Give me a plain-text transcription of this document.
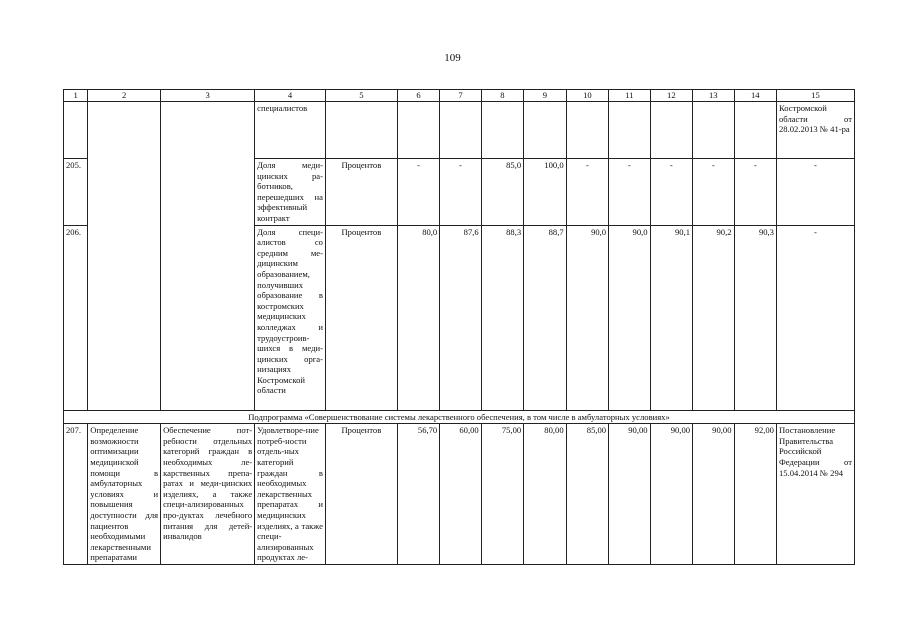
109
1	2	3	4	5	6	7	8	9	10	11	12	13	14	15
			специалистов											Костромской области от 28.02.2013 № 41-ра
205.			Доля меди-цинских ра-ботников, перешедших на эффективный контракт	Процентов	-	-	85,0	100,0	-	-	-	-	-	-
206.			Доля специ-алистов со средним ме-дицинским образованием, получивших образование в костромских медицинских колледжах и трудоустроив-шихся в меди-цинских орга-низациях Костромской области	Процентов	80,0	87,6	88,3	88,7	90,0	90,0	90,1	90,2	90,3	-
Подпрограмма «Совершенствование системы лекарственного обеспечения, в том числе в амбулаторных условиях»														
207.	Определение возможности оптимизации медицинской помощи в амбулаторных условиях и повышения доступности для пациентов необходимыми лекарственными препаратами	Обеспечение пот-ребности отдельных категорий граждан в необходимых ле-карственных препа-ратах и меди-цинских изделиях, а также специ-ализированных про-дуктах лечебного питания для детей-инвалидов	Удовлетворе-ние потреб-ности отдель-ных категорий граждан в необходимых лекарственных препаратах и медицинских изделиях, а также специ-ализированных продуктах ле-	Процентов	56,70	60,00	75,00	80,00	85,00	90,00	90,00	90,00	92,00	Постановление Правительства Российской Федерации от 15.04.2014 № 294
